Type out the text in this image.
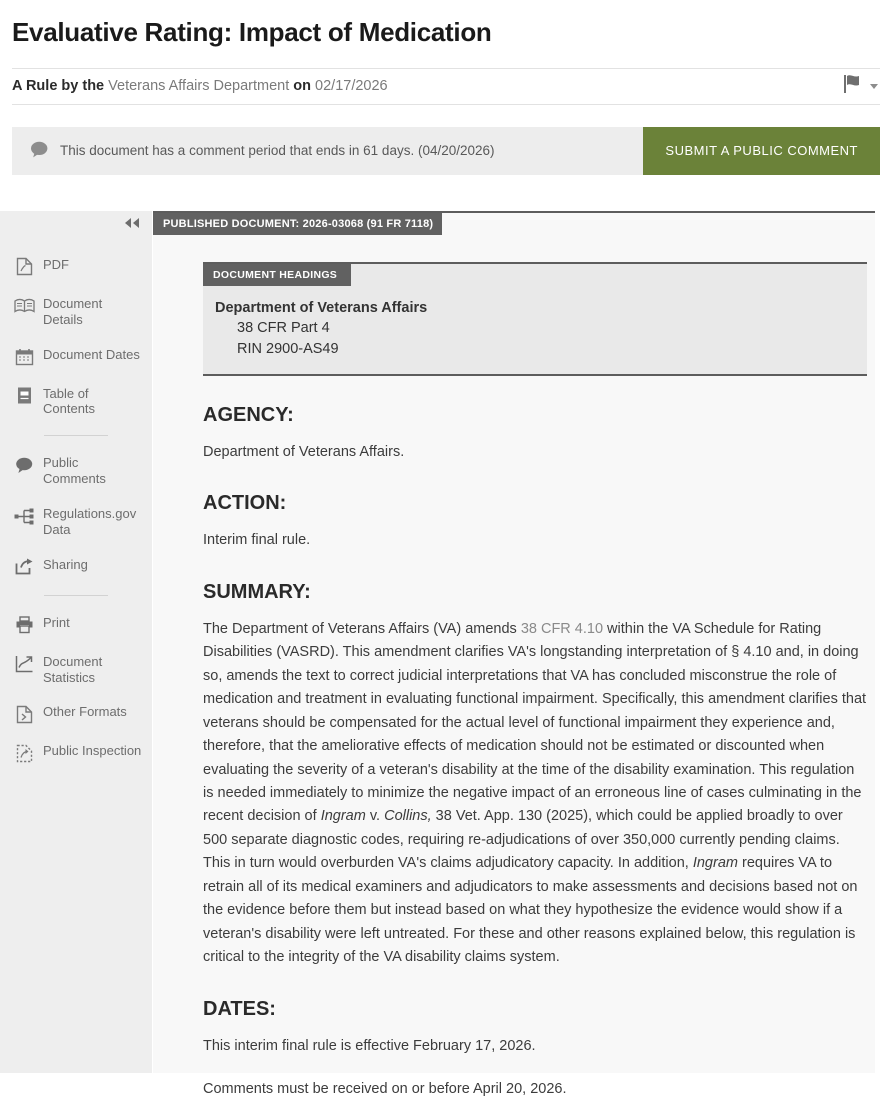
Evaluative Rating: Impact of Medication
A Rule by the Veterans Affairs Department on 02/17/2026
This document has a comment period that ends in 61 days. (04/20/2026)	SUBMIT A PUBLIC COMMENT
PDF
Document Details
Document Dates
Table of Contents
Public Comments
Regulations.gov Data
Sharing
Print
Document Statistics
Other Formats
Public Inspection
PUBLISHED DOCUMENT: 2026-03068 (91 FR 7118)
DOCUMENT HEADINGS
Department of Veterans Affairs
38 CFR Part 4
RIN 2900-AS49
AGENCY:

Department of Veterans Affairs.

ACTION:

Interim final rule.

SUMMARY:

The Department of Veterans Affairs (VA) amends 38 CFR 4.10 within the VA Schedule for Rating Disabilities (VASRD). This amendment clarifies VA's longstanding interpretation of § 4.10 and, in doing so, amends the text to correct judicial interpretations that VA has concluded misconstrue the role of medication and treatment in evaluating functional impairment. Specifically, this amendment clarifies that veterans should be compensated for the actual level of functional impairment they experience and, therefore, that the ameliorative effects of medication should not be estimated or discounted when evaluating the severity of a veteran's disability at the time of the disability examination. This regulation is needed immediately to minimize the negative impact of an erroneous line of cases culminating in the recent decision of Ingram v. Collins, 38 Vet. App. 130 (2025), which could be applied broadly to over 500 separate diagnostic codes, requiring re-adjudications of over 350,000 currently pending claims. This in turn would overburden VA's claims adjudicatory capacity. In addition, Ingram requires VA to retrain all of its medical examiners and adjudicators to make assessments and decisions based not on the evidence before them but instead based on what they hypothesize the evidence would show if a veteran's disability were left untreated. For these and other reasons explained below, this regulation is critical to the integrity of the VA disability claims system.

DATES:

This interim final rule is effective February 17, 2026.

Comments must be received on or before April 20, 2026.
